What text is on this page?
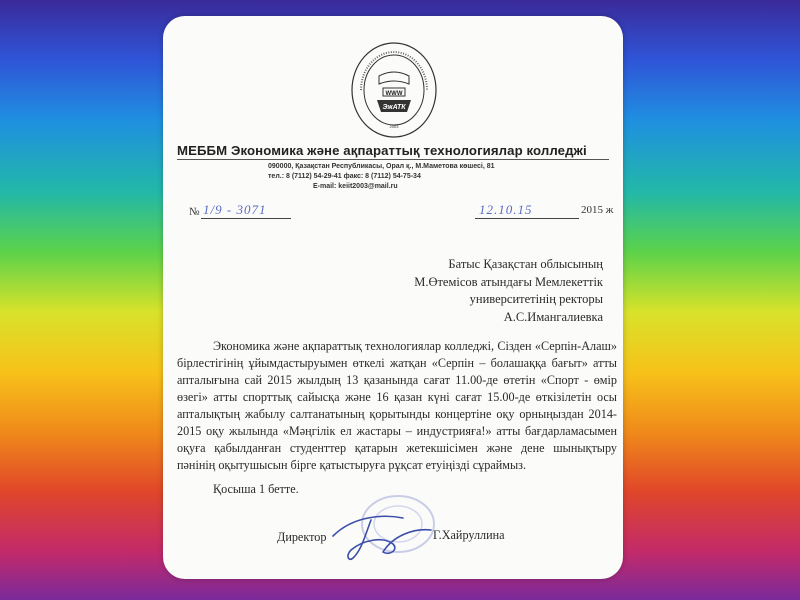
WWW
ЭжАТК
2003
МЕББМ Экономика және ақпараттық технологиялар колледжі
090000, Қазақстан Республикасы, Орал қ., М.Маметова көшесі, 81
тел.: 8 (7112) 54-29-41 факс: 8 (7112) 54-75-34
E-mail: keiit2003@mail.ru
№ 1/9 - 3071	12.10.15	2015 ж
Батыс Қазақстан облысының
М.Өтемісов атындағы Мемлекеттік
университетінің ректоры
А.С.Имангалиевка

Экономика және ақпараттық технологиялар колледжі, Сізден «Серпін-Алаш» бірлестігінің ұйымдастыруымен өткелі жатқан «Серпін – болашаққа бағыт» атты апталығына сай 2015 жылдың 13 қазанында сағат 11.00-де өтетін «Спорт - өмір өзегі» атты спорттық сайысқа және 16 қазан күні сағат 15.00-де өткізілетін осы апталықтың жабылу салтанатының қорытынды концертіне оқу орныңыздан 2014-2015 оқу жылында «Мәңгілік ел жастары – индустрияға!» атты бағдарламасымен оқуға қабылданған студенттер қатарын жетекшісімен және дене шынықтыру пәнінің оқытушысын бірге қатыстыруға рұқсат етуіңізді сұраймыз.

Қосыша 1 бетте.
Директор	Г.Хайруллина
